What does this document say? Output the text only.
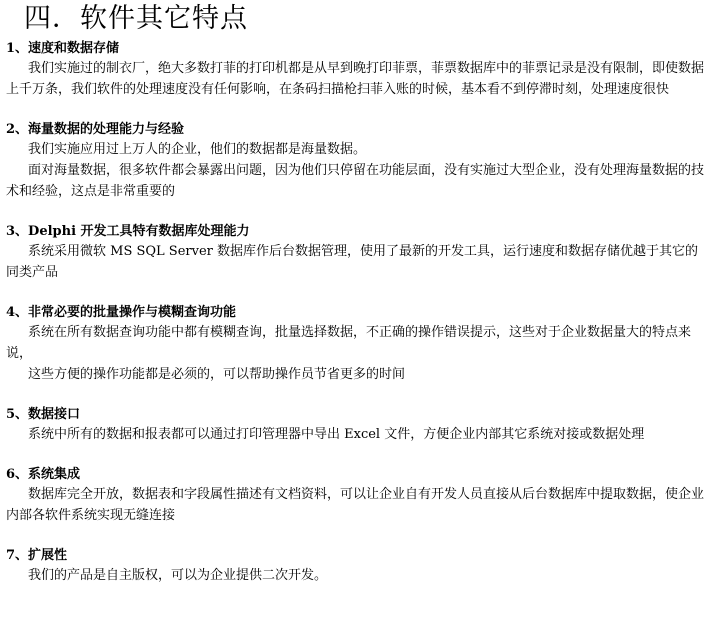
四．软件其它特点
1、速度和数据存储

我们实施过的制衣厂，绝大多数打菲的打印机都是从早到晚打印菲票，菲票数据库中的菲票记录是没有限制，即使数据上千万条，我们软件的处理速度没有任何影响，在条码扫描枪扫菲入账的时候，基本看不到停滞时刻，处理速度很快

2、海量数据的处理能力与经验

我们实施应用过上万人的企业，他们的数据都是海量数据。

面对海量数据，很多软件都会暴露出问题，因为他们只停留在功能层面，没有实施过大型企业，没有处理海量数据的技术和经验，这点是非常重要的

3、Delphi 开发工具特有数据库处理能力

系统采用微软 MS SQL Server 数据库作后台数据管理，使用了最新的开发工具，运行速度和数据存储优越于其它的同类产品

4、非常必要的批量操作与模糊查询功能

系统在所有数据查询功能中都有模糊查询，批量选择数据，不正确的操作错误提示，这些对于企业数据量大的特点来说，

这些方便的操作功能都是必须的，可以帮助操作员节省更多的时间

5、数据接口

系统中所有的数据和报表都可以通过打印管理器中导出 Excel 文件，方便企业内部其它系统对接或数据处理

6、系统集成

数据库完全开放，数据表和字段属性描述有文档资料，可以让企业自有开发人员直接从后台数据库中提取数据，使企业内部各软件系统实现无缝连接

7、扩展性

我们的产品是自主版权，可以为企业提供二次开发。
